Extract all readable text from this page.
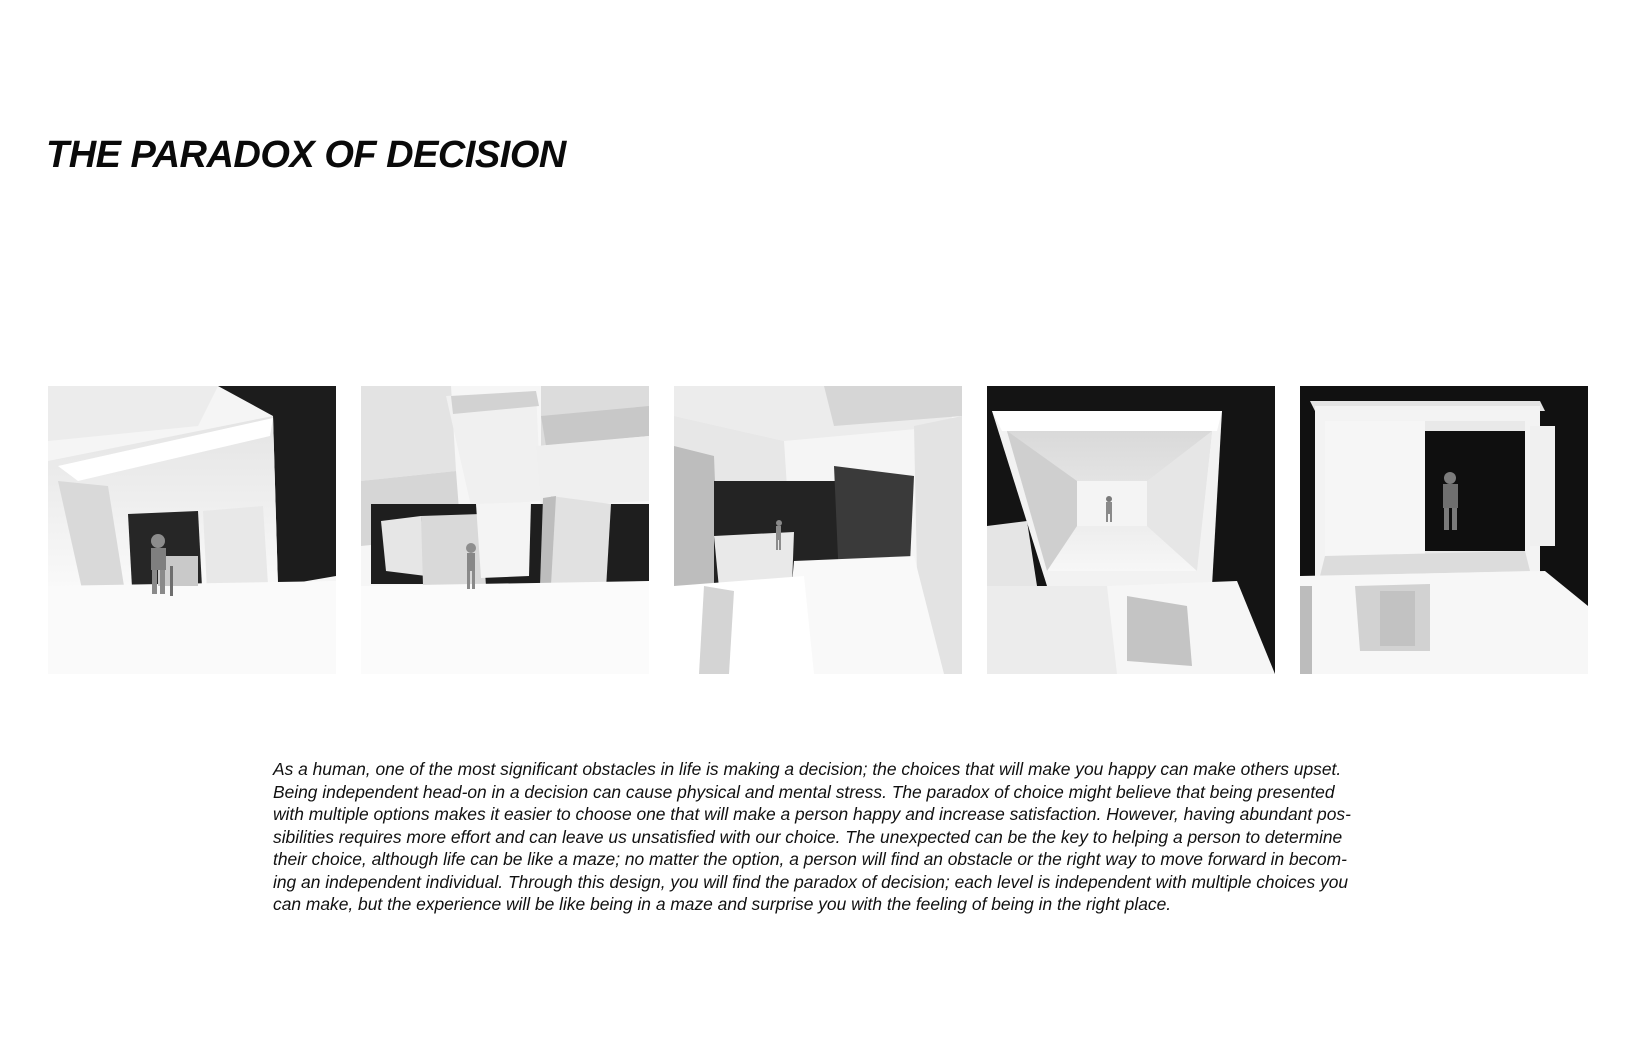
THE PARADOX OF DECISION

As a human, one of the most significant obstacles in life is making a decision; the choices that will make you happy can make others upset.
Being independent head-on in a decision can cause physical and mental stress. The paradox of choice might believe that being presented
with multiple options makes it easier to choose one that will make a person happy and increase satisfaction. However, having abundant pos-
sibilities requires more effort and can leave us unsatisfied with our choice. The unexpected can be the key to helping a person to determine
their choice, although life can be like a maze; no matter the option, a person will find an obstacle or the right way to move forward in becom-
ing an independent individual. Through this design, you will find the paradox of decision; each level is independent with multiple choices you
can make, but the experience will be like being in a maze and surprise you with the feeling of being in the right place.
